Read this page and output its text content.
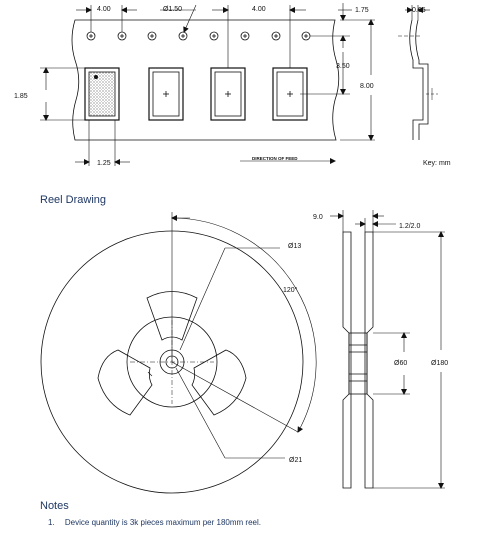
4.00	Ø1.50	4.00	1.75
3.50
8.00
1.85
1.25
DIRECTION OF FEED
Key: mm
0.65
Ø13
120°
Ø21
9.0
1.2/2.0
Ø60	Ø180
Reel Drawing
Notes
1. Device quantity is 3k pieces maximum per 180mm reel.
